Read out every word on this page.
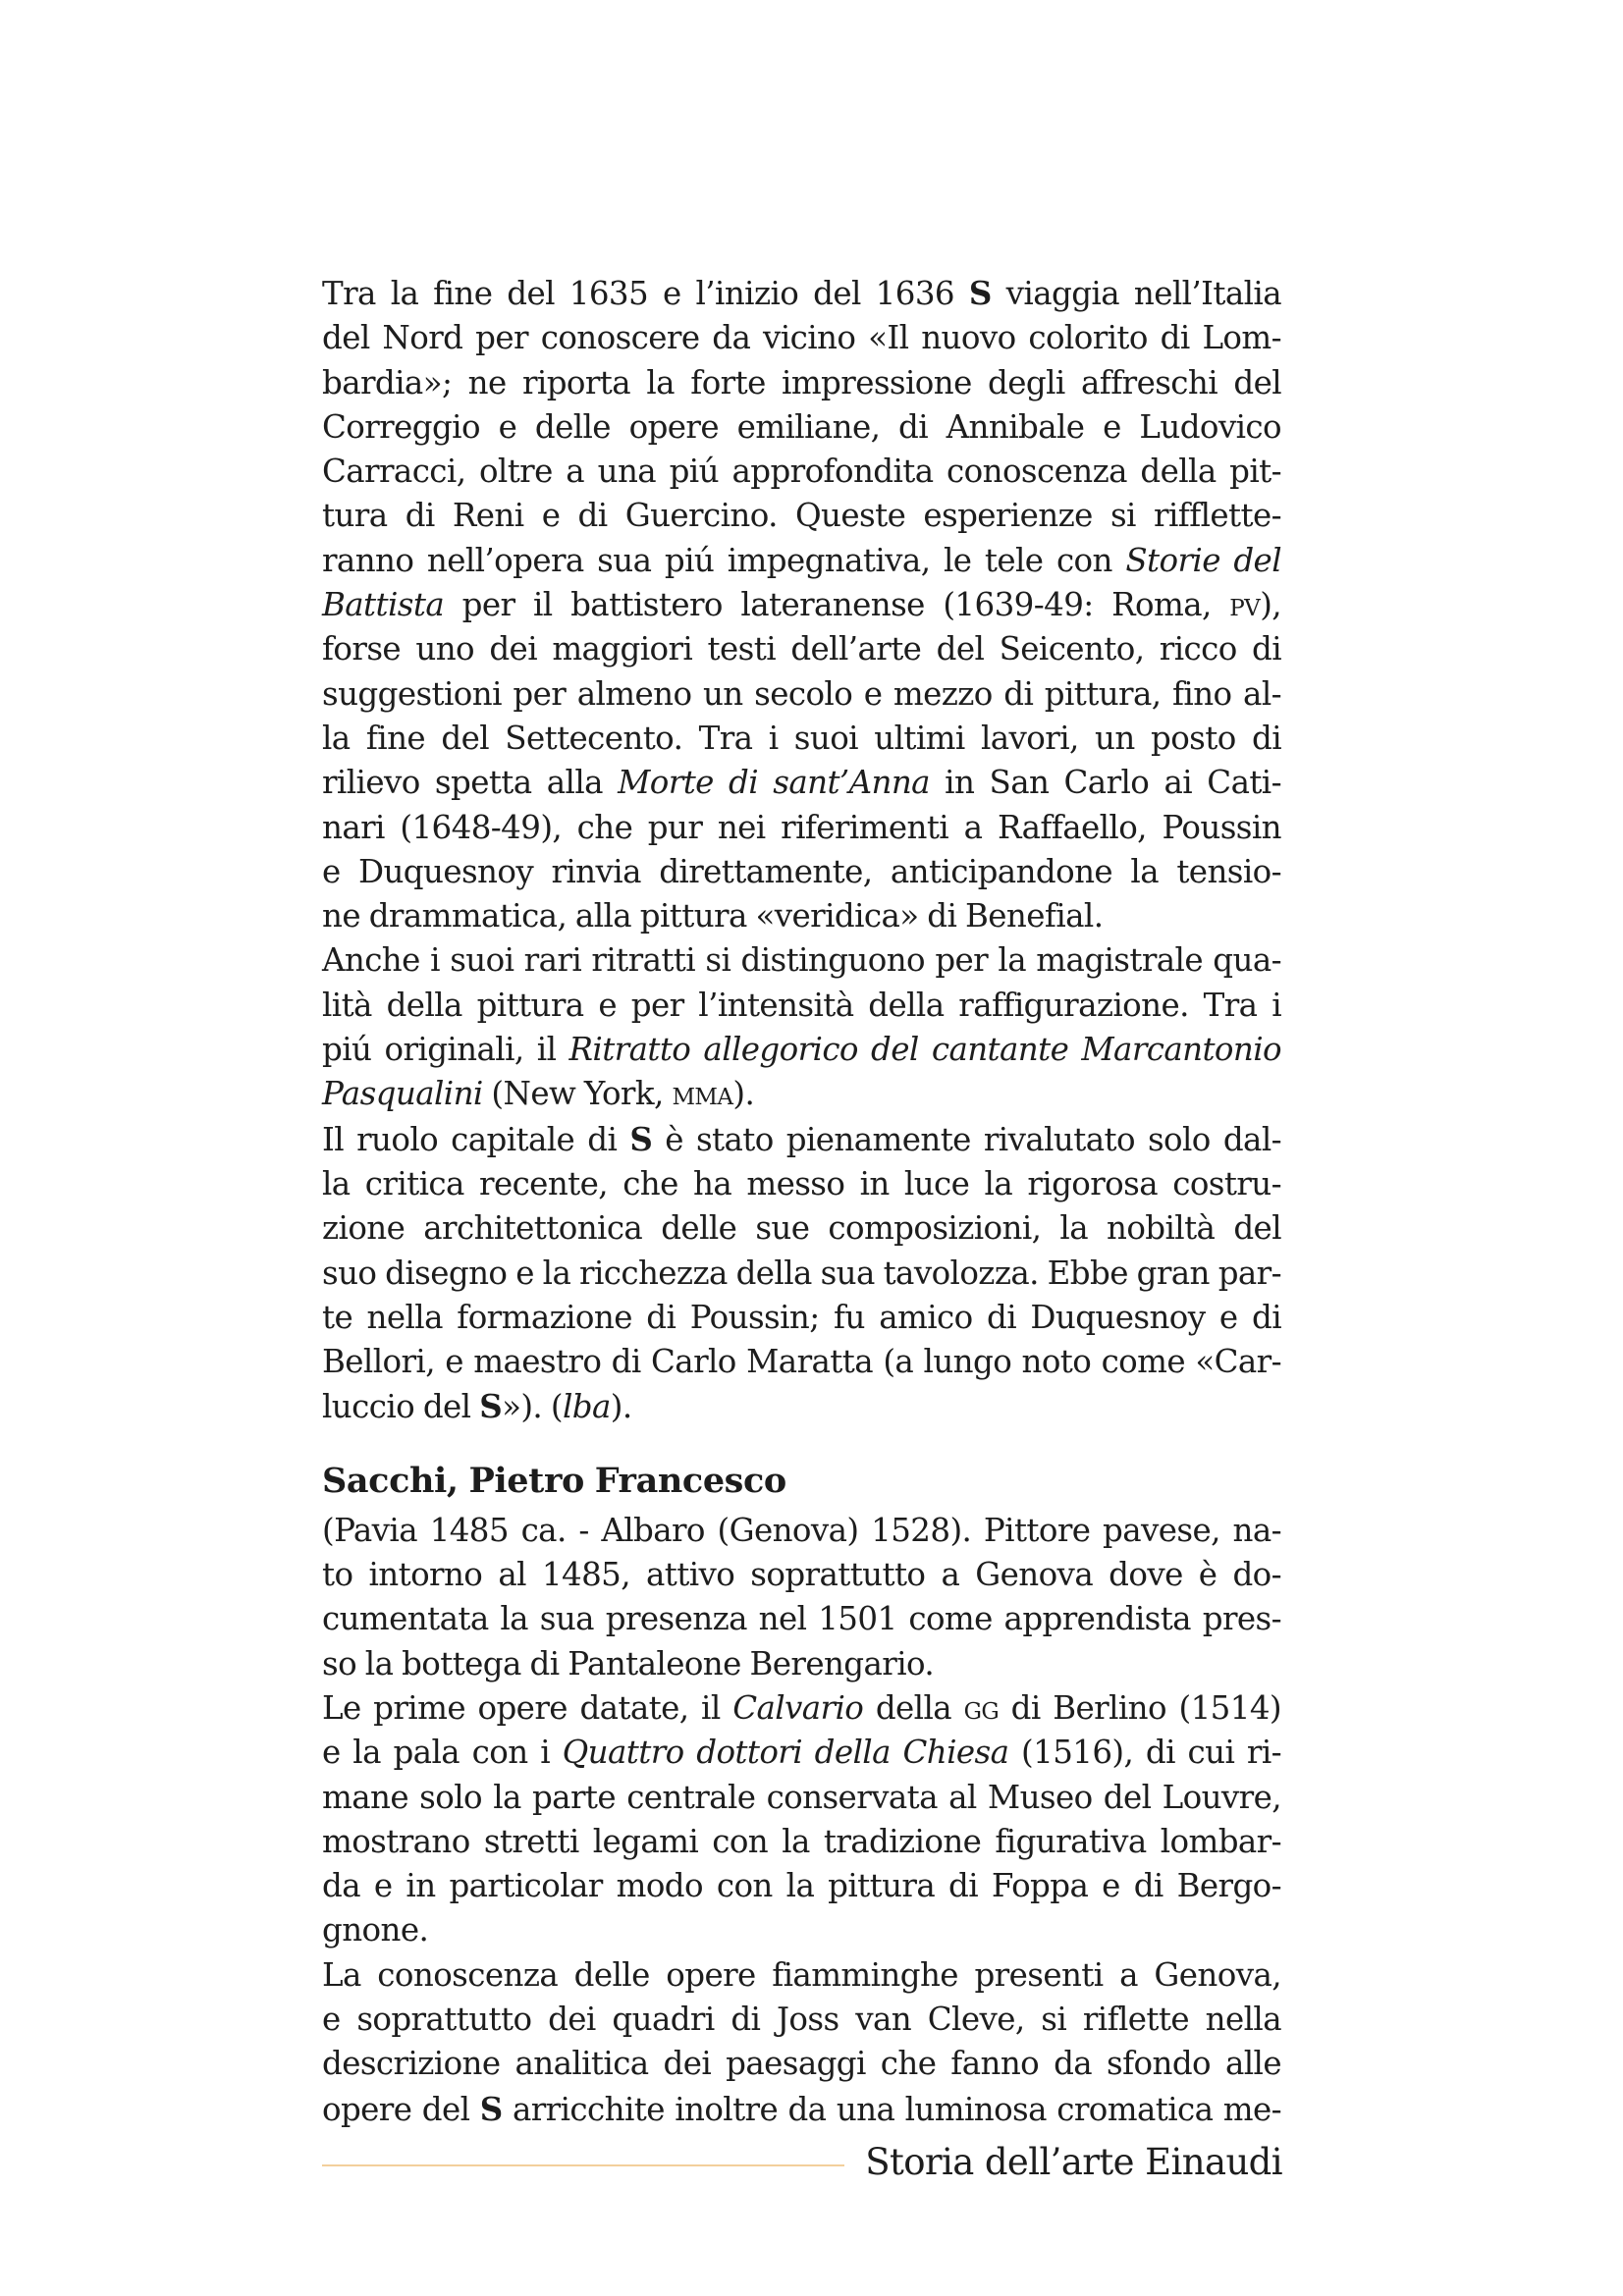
Tra la fine del 1635 e l’inizio del 1636 S viaggia nell’Italia
del Nord per conoscere da vicino «Il nuovo colorito di Lom-
bardia»; ne riporta la forte impressione degli affreschi del
Correggio e delle opere emiliane, di Annibale e Ludovico
Carracci, oltre a una piú approfondita conoscenza della pit-
tura di Reni e di Guercino. Queste esperienze si rifflette-
ranno nell’opera sua piú impegnativa, le tele con Storie del
Battista per il battistero lateranense (1639-49: Roma, pv),
forse uno dei maggiori testi dell’arte del Seicento, ricco di
suggestioni per almeno un secolo e mezzo di pittura, fino al-
la fine del Settecento. Tra i suoi ultimi lavori, un posto di
rilievo spetta alla Morte di sant’Anna in San Carlo ai Cati-
nari (1648-49), che pur nei riferimenti a Raffaello, Poussin
e Duquesnoy rinvia direttamente, anticipandone la tensio-
ne drammatica, alla pittura «veridica» di Benefial.
Anche i suoi rari ritratti si distinguono per la magistrale qua-
lità della pittura e per l’intensità della raffigurazione. Tra i
piú originali, il Ritratto allegorico del cantante Marcantonio
Pasqualini (New York, mma).
Il ruolo capitale di S è stato pienamente rivalutato solo dal-
la critica recente, che ha messo in luce la rigorosa costru-
zione architettonica delle sue composizioni, la nobiltà del
suo disegno e la ricchezza della sua tavolozza. Ebbe gran par-
te nella formazione di Poussin; fu amico di Duquesnoy e di
Bellori, e maestro di Carlo Maratta (a lungo noto come «Car-
luccio del S»). (lba).
Sacchi, Pietro Francesco
(Pavia 1485 ca. - Albaro (Genova) 1528). Pittore pavese, na-
to intorno al 1485, attivo soprattutto a Genova dove è do-
cumentata la sua presenza nel 1501 come apprendista pres-
so la bottega di Pantaleone Berengario.
Le prime opere datate, il Calvario della gg di Berlino (1514)
e la pala con i Quattro dottori della Chiesa (1516), di cui ri-
mane solo la parte centrale conservata al Museo del Louvre,
mostrano stretti legami con la tradizione figurativa lombar-
da e in particolar modo con la pittura di Foppa e di Bergo-
gnone.
La conoscenza delle opere fiamminghe presenti a Genova,
e soprattutto dei quadri di Joss van Cleve, si riflette nella
descrizione analitica dei paesaggi che fanno da sfondo alle
opere del S arricchite inoltre da una luminosa cromatica me-
Storia dell’arte Einaudi
